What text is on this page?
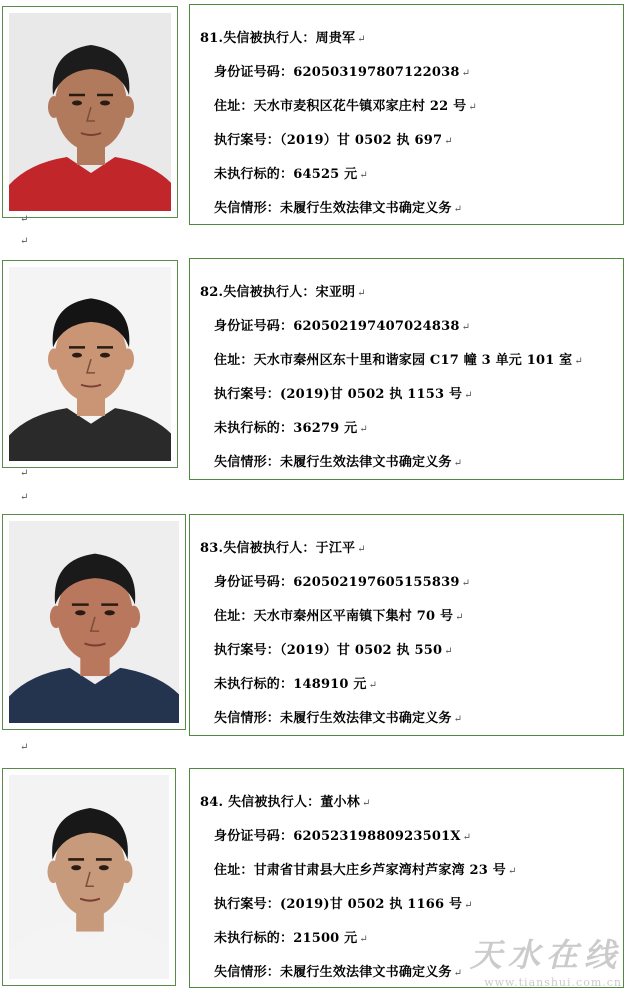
81.失信被执行人：周贵军 ↵
身份证号码：620503197807122038 ↵
住址：天水市麦积区花牛镇邓家庄村 22 号 ↵
执行案号：（2019）甘 0502 执 697 ↵
未执行标的：64525 元 ↵
失信情形：未履行生效法律文书确定义务 ↵
↵
↵
82.失信被执行人：宋亚明 ↵
身份证号码：620502197407024838 ↵
住址：天水市秦州区东十里和谐家园 C17 幢 3 单元 101 室 ↵
执行案号：(2019)甘 0502 执 1153 号 ↵
未执行标的：36279 元 ↵
失信情形：未履行生效法律文书确定义务 ↵
↵
↵
83.失信被执行人：于江平 ↵
身份证号码：620502197605155839 ↵
住址：天水市秦州区平南镇下集村 70 号 ↵
执行案号：（2019）甘 0502 执 550 ↵
未执行标的：148910 元 ↵
失信情形：未履行生效法律文书确定义务 ↵
↵
84. 失信被执行人：董小林 ↵
身份证号码：62052319880923501X ↵
住址：甘肃省甘肃县大庄乡芦家湾村芦家湾 23 号 ↵
执行案号：(2019)甘 0502 执 1166 号 ↵
未执行标的：21500 元 ↵
失信情形：未履行生效法律文书确定义务 ↵ 天水在线
www.tianshui.com.cn
